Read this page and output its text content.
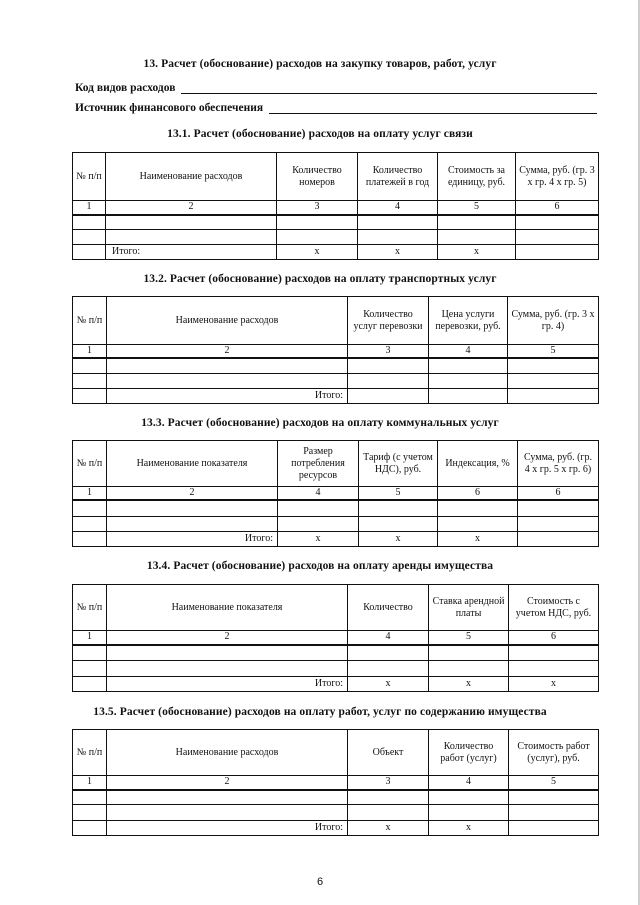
13. Расчет (обоснование) расходов на закупку товаров, работ, услуг
Код видов расходов
Источник финансового обеспечения
13.1. Расчет (обоснование) расходов на оплату услуг связи
№ п/п	Наименование расходов	Количество номеров	Количество платежей в год	Стоимость за единицу, руб.	Сумма, руб. (гр. 3 х гр. 4 х гр. 5)
1	2	3	4	5	6

	Итого:	x	x	x	
13.2. Расчет (обоснование) расходов на оплату транспортных услуг
№ п/п	Наименование расходов	Количество услуг перевозки	Цена услуги перевозки, руб.	Сумма, руб. (гр. 3 х гр. 4)
1	2	3	4	5

	Итого:			
13.3. Расчет (обоснование) расходов на оплату коммунальных услуг
№ п/п	Наименование показателя	Размер потребления ресурсов	Тариф (с учетом НДС), руб.	Индексация, %	Сумма, руб. (гр. 4 х гр. 5 х гр. 6)
1	2	4	5	6	6

	Итого:	x	x	x	
13.4. Расчет (обоснование) расходов на оплату аренды имущества
№ п/п	Наименование показателя	Количество	Ставка арендной платы	Стоимость с учетом НДС, руб.
1	2	4	5	6

	Итого:	x	x	x
13.5. Расчет (обоснование) расходов на оплату работ, услуг по содержанию имущества
№ п/п	Наименование расходов	Объект	Количество работ (услуг)	Стоимость работ (услуг), руб.
1	2	3	4	5

	Итого:	x	x	
6
